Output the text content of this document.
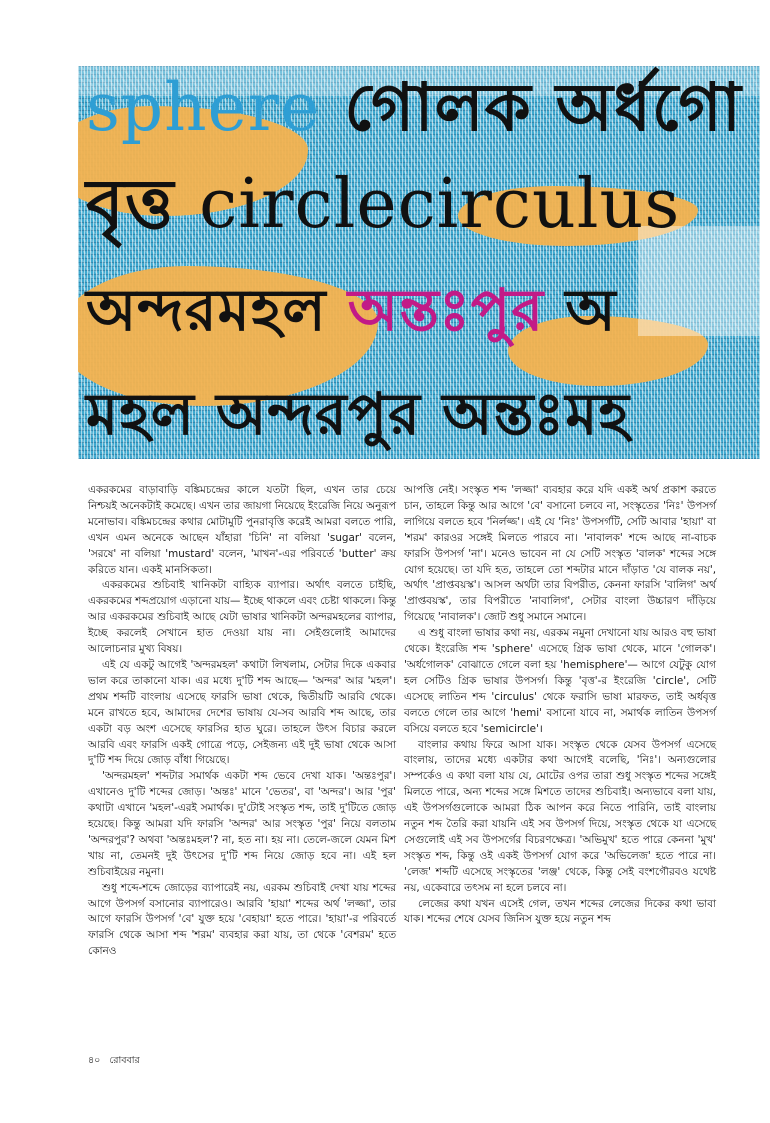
sphere গোলক অর্ধগো
বৃত্ত circlecirculus
অন্দরমহল অন্তঃপুর অ
মহল অন্দরপুর অন্তঃমহ

একরকমের বাড়াবাড়ি বঙ্কিমচন্দ্রের কালে যতটা ছিল, এখন তার চেয়ে নিশ্চয়ই অনেকটাই কমেছে। এখন তার জায়গা নিয়েছে ইংরেজি নিয়ে অনুরূপ মনোভাব। বঙ্কিমচন্দ্রের কথার মোটামুটি পুনরাবৃত্তি করেই আমরা বলতে পারি, এখন এমন অনেকে আছেন যাঁহারা 'চিনি' না বলিয়া 'sugar' বলেন, 'সরষে' না বলিয়া 'mustard' বলেন, 'মাখন'-এর পরিবর্তে 'butter' ক্রয় করিতে যান। একই মানসিকতা।

একরকমের শুচিবাই খানিকটা বাহ্যিক ব্যাপার। অর্থাৎ বলতে চাইছি, একরকমের শব্দপ্রয়োগ এড়ানো যায়— ইচ্ছে থাকলে এবং চেষ্টা থাকলে। কিন্তু আর একরকমের শুচিবাই আছে যেটা ভাষার খানিকটা অন্দরমহলের ব্যাপার, ইচ্ছে করলেই সেখানে হাত দেওয়া যায় না। সেইগুলোই আমাদের আলোচনার মুখ্য বিষয়।

এই যে একটু আগেই 'অন্দরমহল' কথাটা লিখলাম, সেটার দিকে একবার ভাল করে তাকানো যাক। এর মধ্যে দু'টি শব্দ আছে— 'অন্দর' আর 'মহল'। প্রথম শব্দটি বাংলায় এসেছে ফারসি ভাষা থেকে, দ্বিতীয়টি আরবি থেকে। মনে রাখতে হবে, আমাদের দেশের ভাষায় যে-সব আরবি শব্দ আছে, তার একটা বড় অংশ এসেছে ফারসির হাত ঘুরে। তাহলে উৎস বিচার করলে আরবি এবং ফারসি একই গোত্রে পড়ে, সেইজন্য এই দুই ভাষা থেকে আসা দু'টি শব্দ দিয়ে জোড় বাঁধা গিয়েছে।

'অন্দরমহল' শব্দটার সমার্থক একটা শব্দ ভেবে দেখা যাক। 'অন্তঃপুর'। এখানেও দু'টি শব্দের জোড়। 'অন্তঃ' মানে 'ভেতর', বা 'অন্দর'। আর 'পুর' কথাটা এখানে 'মহল'-এরই সমার্থক। দু'টোই সংস্কৃত শব্দ, তাই দু'টিতে জোড় হয়েছে। কিন্তু আমরা যদি ফারসি 'অন্দর' আর সংস্কৃত 'পুর' নিয়ে বলতাম 'অন্দরপুর'? অথবা 'অন্তঃমহল'? না, হত না। হয় না। তেলে-জলে যেমন মিশ খায় না, তেমনই দুই উৎসের দু'টি শব্দ নিয়ে জোড় হবে না। এই হল শুচিবাইয়ের নমুনা।

শুধু শব্দে-শব্দে জোড়ের ব্যাপারেই নয়, এরকম শুচিবাই দেখা যায় শব্দের আগে উপসর্গ বসানোর ব্যাপারেও। আরবি 'হায়া' শব্দের অর্থ 'লজ্জা', তার আগে ফারসি উপসর্গ 'বে' যুক্ত হয়ে 'বেহায়া' হতে পারে। 'হায়া'-র পরিবর্তে ফারসি থেকে আসা শব্দ 'শরম' ব্যবহার করা যায়, তা থেকে 'বেশরম' হতে কোনও

আপত্তি নেই। সংস্কৃত শব্দ 'লজ্জা' ব্যবহার করে যদি একই অর্থ প্রকাশ করতে চান, তাহলে কিন্তু আর আগে 'বে' বসানো চলবে না, সংস্কৃতের 'নিঃ' উপসর্গ লাগিয়ে বলতে হবে 'নির্লজ্জ'। এই যে 'নিঃ' উপসর্গটি, সেটি আবার 'হায়া' বা 'শরম' কারওর সঙ্গেই মিলতে পারবে না। 'নাবালক' শব্দে আছে না-বাচক ফারসি উপসর্গ 'না'। মনেও ভাবেন না যে সেটি সংস্কৃত 'বালক' শব্দের সঙ্গে যোগ হয়েছে। তা যদি হত, তাহলে তো শব্দটার মানে দাঁড়াত 'যে বালক নয়', অর্থাৎ 'প্রাপ্তবয়স্ক'। আসল অর্থটা তার বিপরীত, কেননা ফারসি 'বালিগ' অর্থ 'প্রাপ্তবয়স্ক', তার বিপরীতে 'নাবালিগ', সেটার বাংলা উচ্চারণ দাঁড়িয়ে গিয়েছে 'নাবালক'। জোট শুধু সমানে সমানে।

এ শুধু বাংলা ভাষার কথা নয়, এরকম নমুনা দেখানো যায় আরও বহু ভাষা থেকে। ইংরেজি শব্দ 'sphere' এসেছে গ্রিক ভাষা থেকে, মানে 'গোলক'। 'অর্ধগোলক' বোঝাতে গেলে বলা হয় 'hemisphere'— আগে যেটুকু যোগ হল সেটিও গ্রিক ভাষার উপসর্গ। কিন্তু 'বৃত্ত'-র ইংরেজি 'circle', সেটি এসেছে লাতিন শব্দ 'circulus' থেকে ফরাসি ভাষা মারফত, তাই অর্ধবৃত্ত বলতে গেলে তার আগে 'hemi' বসানো যাবে না, সমার্থক লাতিন উপসর্গ বসিয়ে বলতে হবে 'semicircle'।

বাংলার কথায় ফিরে আসা যাক। সংস্কৃত থেকে যেসব উপসর্গ এসেছে বাংলায়, তাদের মধ্যে একটার কথা আগেই বলেছি, 'নিঃ'। অন্যগুলোর সম্পর্কেও এ কথা বলা যায় যে, মোটের ওপর তারা শুধু সংস্কৃত শব্দের সঙ্গেই মিলতে পারে, অন্য শব্দের সঙ্গে মিশতে তাদের শুচিবাই। অন্যভাবে বলা যায়, এই উপসর্গগুলোকে আমরা ঠিক আপন করে নিতে পারিনি, তাই বাংলায় নতুন শব্দ তৈরি করা যায়নি এই সব উপসর্গ দিয়ে, সংস্কৃত থেকে যা এসেছে সেগুলোই এই সব উপসর্গের বিচরণক্ষেত্র। 'অভিমুখ' হতে পারে কেননা 'মুখ' সংস্কৃত শব্দ, কিন্তু ওই একই উপসর্গ যোগ করে 'অভিলেজ' হতে পারে না। 'লেজ' শব্দটি এসেছে সংস্কৃতের 'লঞ্জ' থেকে, কিন্তু সেই বংশগৌরবও যথেষ্ট নয়, একেবারে তৎসম না হলে চলবে না।

লেজের কথা যখন এসেই গেল, তখন শব্দের লেজের দিকের কথা ভাবা যাক। শব্দের শেষে যেসব জিনিস যুক্ত হয়ে নতুন শব্দ

৪০ রোববার
